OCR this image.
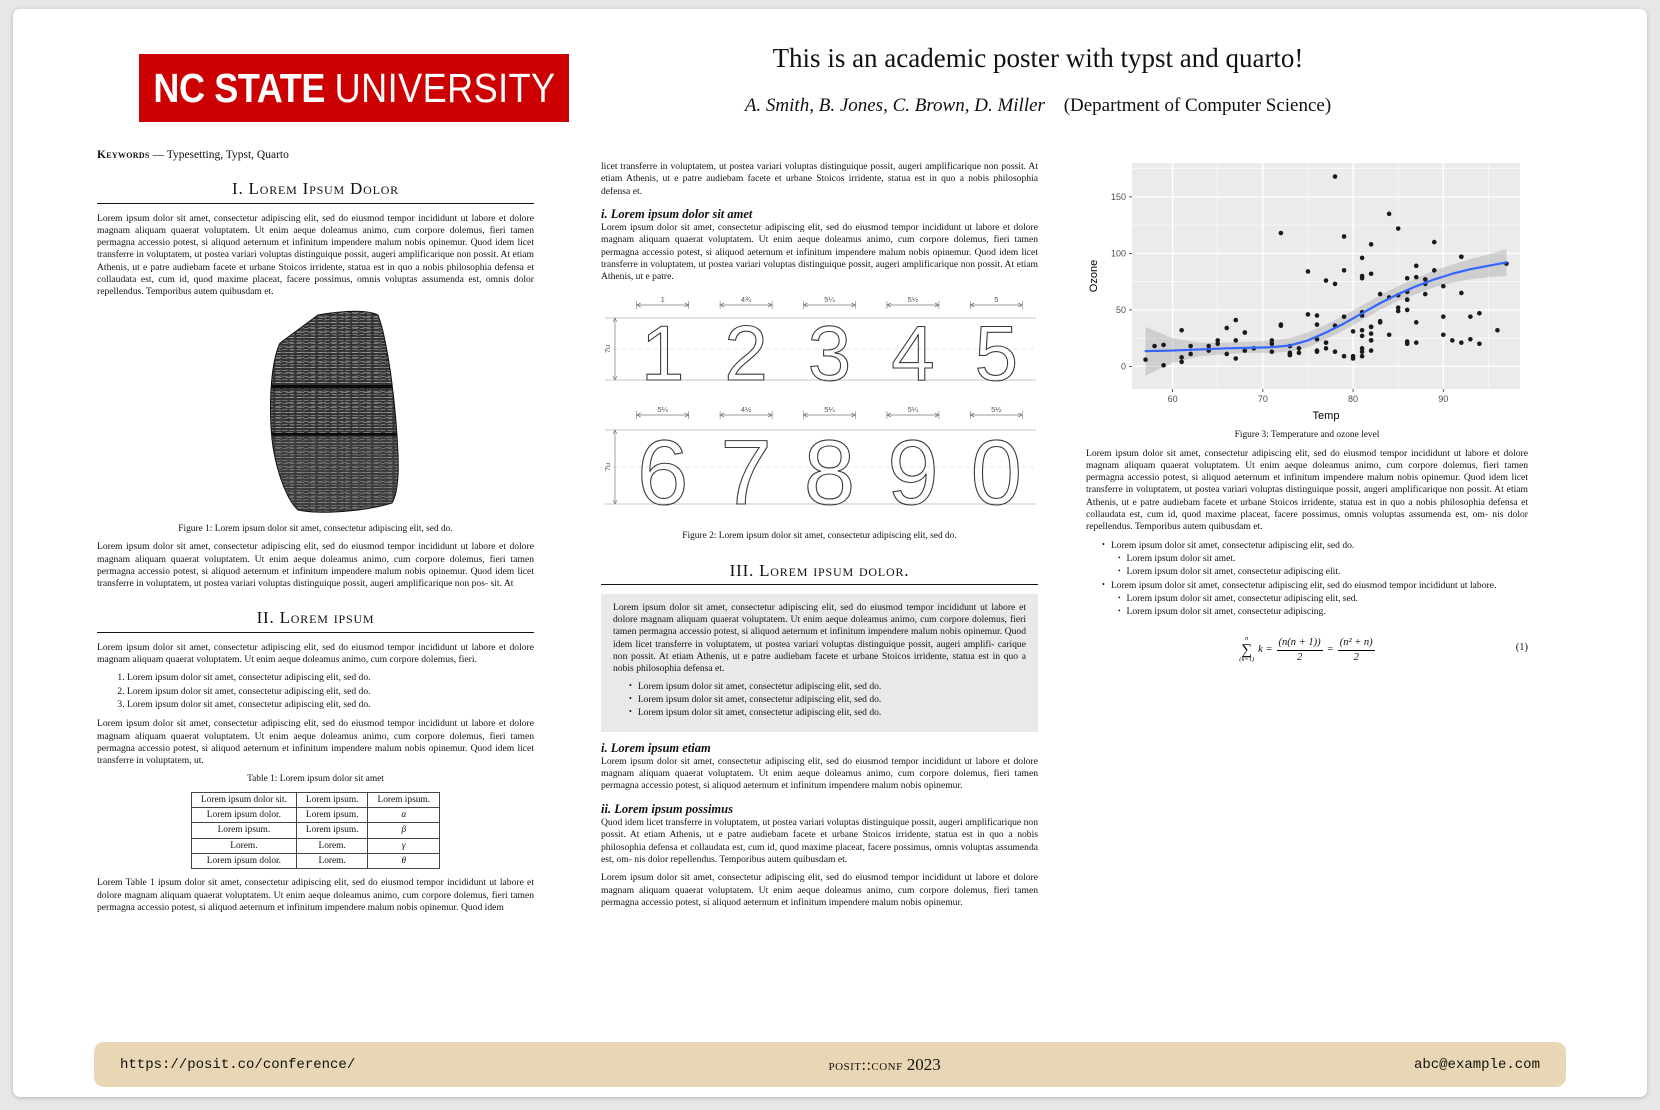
NC STATE UNIVERSITY
This is an academic poster with typst and quarto!
A. Smith, B. Jones, C. Brown, D. Miller (Department of Computer Science)

Keywords — Typesetting, Typst, Quarto

I. Lorem Ipsum Dolor

Lorem ipsum dolor sit amet, consectetur adipiscing elit, sed do eiusmod tempor incididunt ut labore et dolore magnam aliquam quaerat voluptatem. Ut enim aeque doleamus animo, cum corpore dolemus, fieri tamen permagna accessio potest, si aliquod aeternum et infinitum impendere malum nobis opinemur. Quod idem licet transferre in voluptatem, ut postea variari voluptas distinguique possit, augeri amplificarique non possit. At etiam Athenis, ut e patre audiebam facete et urbane Stoicos irridente, statua est in quo a nobis philosophia defensa et collaudata est, cum id, quod maxime placeat, facere possimus, omnis voluptas assumenda est, omnis dolor repellendus. Temporibus autem quibusdam et.

Figure 1: Lorem ipsum dolor sit amet, consectetur adipiscing elit, sed do.

Lorem ipsum dolor sit amet, consectetur adipiscing elit, sed do eiusmod tempor incididunt ut labore et dolore magnam aliquam quaerat voluptatem. Ut enim aeque doleamus animo, cum corpore dolemus, fieri tamen permagna accessio potest, si aliquod aeternum et infinitum impendere malum nobis opinemur. Quod idem licet transferre in voluptatem, ut postea variari voluptas distinguique possit, augeri amplificarique non pos- sit. At

II. Lorem ipsum

Lorem ipsum dolor sit amet, consectetur adipiscing elit, sed do eiusmod tempor incididunt ut labore et dolore magnam aliquam quaerat voluptatem. Ut enim aeque doleamus animo, cum corpore dolemus, fieri.

1. Lorem ipsum dolor sit amet, consectetur adipiscing elit, sed do.
2. Lorem ipsum dolor sit amet, consectetur adipiscing elit, sed do.
3. Lorem ipsum dolor sit amet, consectetur adipiscing elit, sed do.

Lorem ipsum dolor sit amet, consectetur adipiscing elit, sed do eiusmod tempor incididunt ut labore et dolore magnam aliquam quaerat voluptatem. Ut enim aeque doleamus animo, cum corpore dolemus, fieri tamen permagna accessio potest, si aliquod aeternum et infinitum impendere malum nobis opinemur. Quod idem licet transferre in voluptatem, ut.

Table 1: Lorem ipsum dolor sit amet

Lorem ipsum dolor sit.	Lorem ipsum.	Lorem ipsum.
Lorem ipsum dolor.	Lorem ipsum.	α
Lorem ipsum.	Lorem ipsum.	β
Lorem.	Lorem.	γ
Lorem ipsum dolor.	Lorem.	θ

Lorem Table 1 ipsum dolor sit amet, consectetur adipiscing elit, sed do eiusmod tempor incididunt ut labore et dolore magnam aliquam quaerat voluptatem. Ut enim aeque doleamus animo, cum corpore dolemus, fieri tamen permagna accessio potest, si aliquod aeternum et infinitum impendere malum nobis opinemur. Quod idem

licet transferre in voluptatem, ut postea variari voluptas distinguique possit, augeri amplificarique non possit. At etiam Athenis, ut e patre audiebam facete et urbane Stoicos irridente, statua est in quo a nobis philosophia defensa et.

i. Lorem ipsum dolor sit amet

Lorem ipsum dolor sit amet, consectetur adipiscing elit, sed do eiusmod tempor incididunt ut labore et dolore magnam aliquam quaerat voluptatem. Ut enim aeque doleamus animo, cum corpore dolemus, fieri tamen permagna accessio potest, si aliquod aeternum et infinitum impendere malum nobis opinemur. Quod idem licet transferre in voluptatem, ut postea variari voluptas distinguique possit, augeri amplificarique non possit. At etiam Athenis, ut e patre.

7u
1
1
4¾
2
5¼
3
5½
4
5
5

7u
5¼
6
4½
7
5¼
8
5¼
9
5½
0

Figure 2: Lorem ipsum dolor sit amet, consectetur adipiscing elit, sed do.

III. Lorem ipsum dolor.

Lorem ipsum dolor sit amet, consectetur adipiscing elit, sed do eiusmod tempor incididunt ut labore et dolore magnam aliquam quaerat voluptatem. Ut enim aeque doleamus animo, cum corpore dolemus, fieri tamen permagna accessio potest, si aliquod aeternum et infinitum impendere malum nobis opinemur. Quod idem licet transferre in voluptatem, ut postea variari voluptas distinguique possit, augeri amplifi- carique non possit. At etiam Athenis, ut e patre audiebam facete et urbane Stoicos irridente, statua est in quo a nobis philosophia defensa et.

• Lorem ipsum dolor sit amet, consectetur adipiscing elit, sed do.
• Lorem ipsum dolor sit amet, consectetur adipiscing elit, sed do.
• Lorem ipsum dolor sit amet, consectetur adipiscing elit, sed do.
i. Lorem ipsum etiam

Lorem ipsum dolor sit amet, consectetur adipiscing elit, sed do eiusmod tempor incididunt ut labore et dolore magnam aliquam quaerat voluptatem. Ut enim aeque doleamus animo, cum corpore dolemus, fieri tamen permagna accessio potest, si aliquod aeternum et infinitum impendere malum nobis opinemur.

ii. Lorem ipsum possimus

Quod idem licet transferre in voluptatem, ut postea variari voluptas distinguique possit, augeri amplificarique non possit. At etiam Athenis, ut e patre audiebam facete et urbane Stoicos irridente, statua est in quo a nobis philosophia defensa et collaudata est, cum id, quod maxime placeat, facere possimus, omnis voluptas assumenda est, om- nis dolor repellendus. Temporibus autem quibusdam et.

Lorem ipsum dolor sit amet, consectetur adipiscing elit, sed do eiusmod tempor incididunt ut labore et dolore magnam aliquam quaerat voluptatem. Ut enim aeque doleamus animo, cum corpore dolemus, fieri tamen permagna accessio potest, si aliquod aeternum et infinitum impendere malum nobis opinemur.

60	70	80	90
0
50
100
150
Temp
Ozone

Figure 3: Temperature and ozone level

Lorem ipsum dolor sit amet, consectetur adipiscing elit, sed do eiusmod tempor incididunt ut labore et dolore magnam aliquam quaerat voluptatem. Ut enim aeque doleamus animo, cum corpore dolemus, fieri tamen permagna accessio potest, si aliquod aeternum et infinitum impendere malum nobis opinemur. Quod idem licet transferre in voluptatem, ut postea variari voluptas distinguique possit, augeri amplificarique non possit. At etiam Athenis, ut e patre audiebam facete et urbane Stoicos irridente, statua est in quo a nobis philosophia defensa et collaudata est, cum id, quod maxime placeat, facere possimus, omnis voluptas assumenda est, om- nis dolor repellendus. Temporibus autem quibusdam et.

• Lorem ipsum dolor sit amet, consectetur adipiscing elit, sed do.
• Lorem ipsum dolor sit amet.
• Lorem ipsum dolor sit amet, consectetur adipiscing elit.
• Lorem ipsum dolor sit amet, consectetur adipiscing elit, sed do eiusmod tempor incididunt ut labore.
• Lorem ipsum dolor sit amet, consectetur adipiscing elit, sed.
• Lorem ipsum dolor sit amet, consectetur adipiscing.
n
∑
(k=1)
$k = \frac{(n(n + 1))}{2} = \frac{\text{(n² + n)}}{2}$	(1)
https://posit.co/conference/	posit::conf 2023	abc@example.com
